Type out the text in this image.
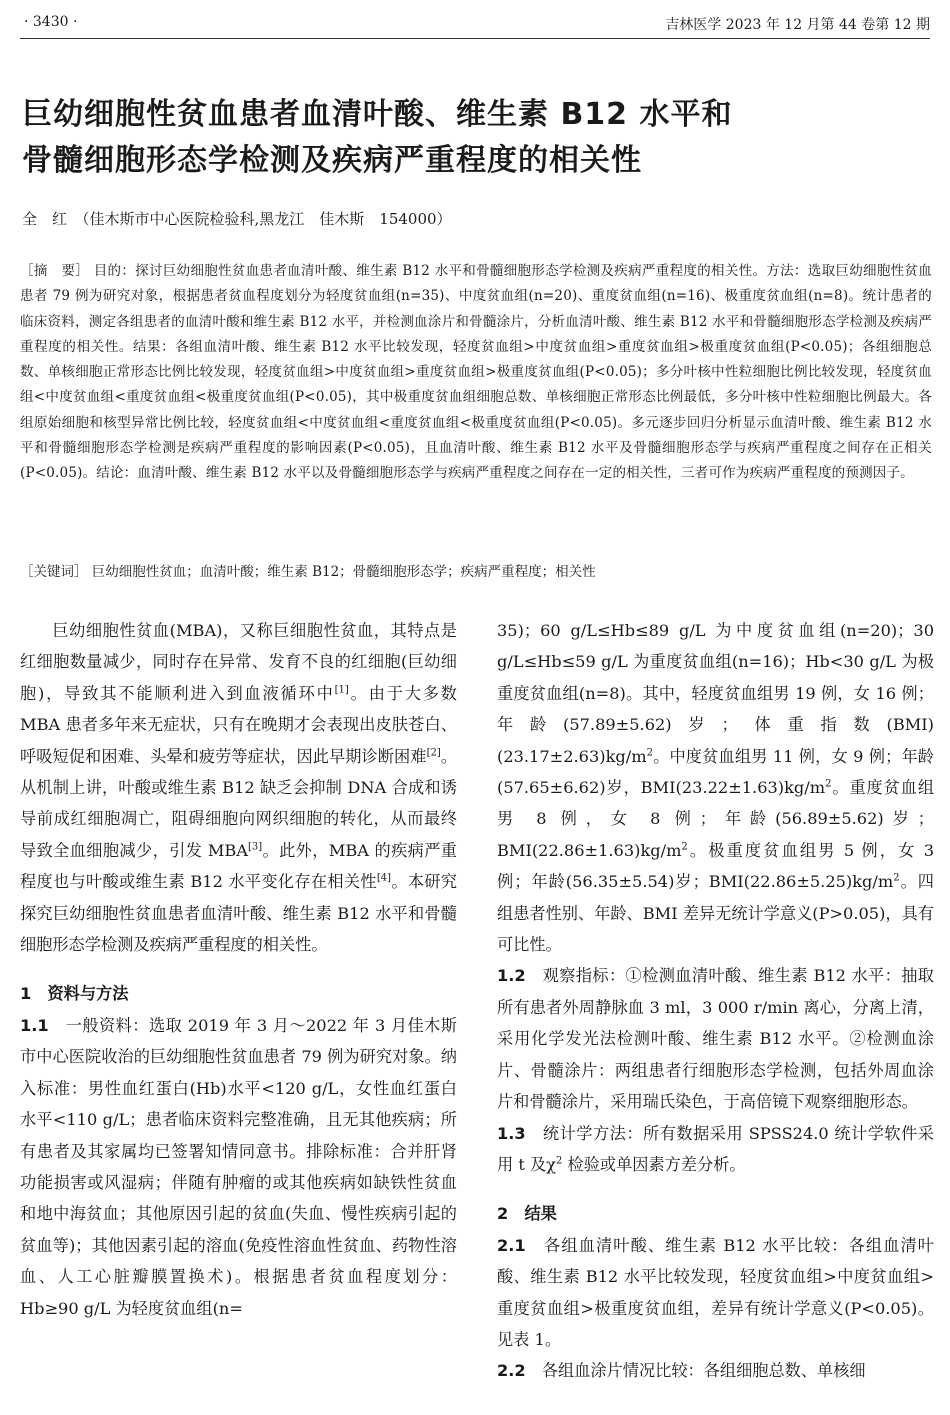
· 3430 ·	吉林医学 2023 年 12 月第 44 卷第 12 期
巨幼细胞性贫血患者血清叶酸、维生素 B12 水平和
骨髓细胞形态学检测及疾病严重程度的相关性
全　红　（佳木斯市中心医院检验科,黑龙江　佳木斯　154000）
［摘　要］ 目的：探讨巨幼细胞性贫血患者血清叶酸、维生素 B12 水平和骨髓细胞形态学检测及疾病严重程度的相关性。方法：选取巨幼细胞性贫血患者 79 例为研究对象，根据患者贫血程度划分为轻度贫血组(n=35)、中度贫血组(n=20)、重度贫血组(n=16)、极重度贫血组(n=8)。统计患者的临床资料，测定各组患者的血清叶酸和维生素 B12 水平，并检测血涂片和骨髓涂片，分析血清叶酸、维生素 B12 水平和骨髓细胞形态学检测及疾病严重程度的相关性。结果：各组血清叶酸、维生素 B12 水平比较发现，轻度贫血组>中度贫血组>重度贫血组>极重度贫血组(P<0.05)；各组细胞总数、单核细胞正常形态比例比较发现，轻度贫血组>中度贫血组>重度贫血组>极重度贫血组(P<0.05)；多分叶核中性粒细胞比例比较发现，轻度贫血组<中度贫血组<重度贫血组<极重度贫血组(P<0.05)，其中极重度贫血组细胞总数、单核细胞正常形态比例最低，多分叶核中性粒细胞比例最大。各组原始细胞和核型异常比例比较，轻度贫血组<中度贫血组<重度贫血组<极重度贫血组(P<0.05)。多元逐步回归分析显示血清叶酸、维生素 B12 水平和骨髓细胞形态学检测是疾病严重程度的影响因素(P<0.05)，且血清叶酸、维生素 B12 水平及骨髓细胞形态学与疾病严重程度之间存在正相关(P<0.05)。结论：血清叶酸、维生素 B12 水平以及骨髓细胞形态学与疾病严重程度之间存在一定的相关性，三者可作为疾病严重程度的预测因子。
［关键词］ 巨幼细胞性贫血；血清叶酸；维生素 B12；骨髓细胞形态学；疾病严重程度；相关性

巨幼细胞性贫血(MBA)，又称巨细胞性贫血，其特点是红细胞数量减少，同时存在异常、发育不良的红细胞(巨幼细胞)，导致其不能顺利进入到血液循环中[1]。由于大多数 MBA 患者多年来无症状，只有在晚期才会表现出皮肤苍白、呼吸短促和困难、头晕和疲劳等症状，因此早期诊断困难[2]。从机制上讲，叶酸或维生素 B12 缺乏会抑制 DNA 合成和诱导前成红细胞凋亡，阻碍细胞向网织细胞的转化，从而最终导致全血细胞减少，引发 MBA[3]。此外，MBA 的疾病严重程度也与叶酸或维生素 B12 水平变化存在相关性[4]。本研究探究巨幼细胞性贫血患者血清叶酸、维生素 B12 水平和骨髓细胞形态学检测及疾病严重程度的相关性。

1　资料与方法

1.1　一般资料：选取 2019 年 3 月～2022 年 3 月佳木斯市中心医院收治的巨幼细胞性贫血患者 79 例为研究对象。纳入标准：男性血红蛋白(Hb)水平<120 g/L，女性血红蛋白水平<110 g/L；患者临床资料完整准确，且无其他疾病；所有患者及其家属均已签署知情同意书。排除标准：合并肝肾功能损害或风湿病；伴随有肿瘤的或其他疾病如缺铁性贫血和地中海贫血；其他原因引起的贫血(失血、慢性疾病引起的贫血等)；其他因素引起的溶血(免疫性溶血性贫血、药物性溶血、人工心脏瓣膜置换术)。根据患者贫血程度划分：Hb≥90 g/L 为轻度贫血组(n=

35)；60 g/L≤Hb≤89 g/L 为中度贫血组(n=20)；30 g/L≤Hb≤59 g/L 为重度贫血组(n=16)；Hb<30 g/L 为极重度贫血组(n=8)。其中，轻度贫血组男 19 例，女 16 例；年龄(57.89±5.62)岁；体重指数$(BMI)(23.17\pm 2.63)kg/m^2$。中度贫血组男 11 例，女 9 例；年龄(57.65±6.62)岁，$BMI(23.22\pm 1.63)kg/m^2$。重度贫血组男 8 例，女 8 例；年龄(56.89±5.62)岁；$BMI(22.86\pm 1.63)kg/m^2$。极重度贫血组男 5 例，女 3 例；年龄(56.35±5.54)岁；$BMI(22.86\pm 5.25)kg/m^2$。四组患者性别、年龄、BMI 差异无统计学意义(P>0.05)，具有可比性。

1.2　观察指标：①检测血清叶酸、维生素 B12 水平：抽取所有患者外周静脉血 3 ml，3 000 r/min 离心，分离上清，采用化学发光法检测叶酸、维生素 B12 水平。②检测血涂片、骨髓涂片：两组患者行细胞形态学检测，包括外周血涂片和骨髓涂片，采用瑞氏染色，于高倍镜下观察细胞形态。

1.3　统计学方法：所有数据采用 SPSS24.0 统计学软件采用 t 及$\chi^2$ 检验或单因素方差分析。

2　结果

2.1　各组血清叶酸、维生素 B12 水平比较：各组血清叶酸、维生素 B12 水平比较发现，轻度贫血组>中度贫血组>重度贫血组>极重度贫血组，差异有统计学意义(P<0.05)。见表 1。

2.2　各组血涂片情况比较：各组细胞总数、单核细
